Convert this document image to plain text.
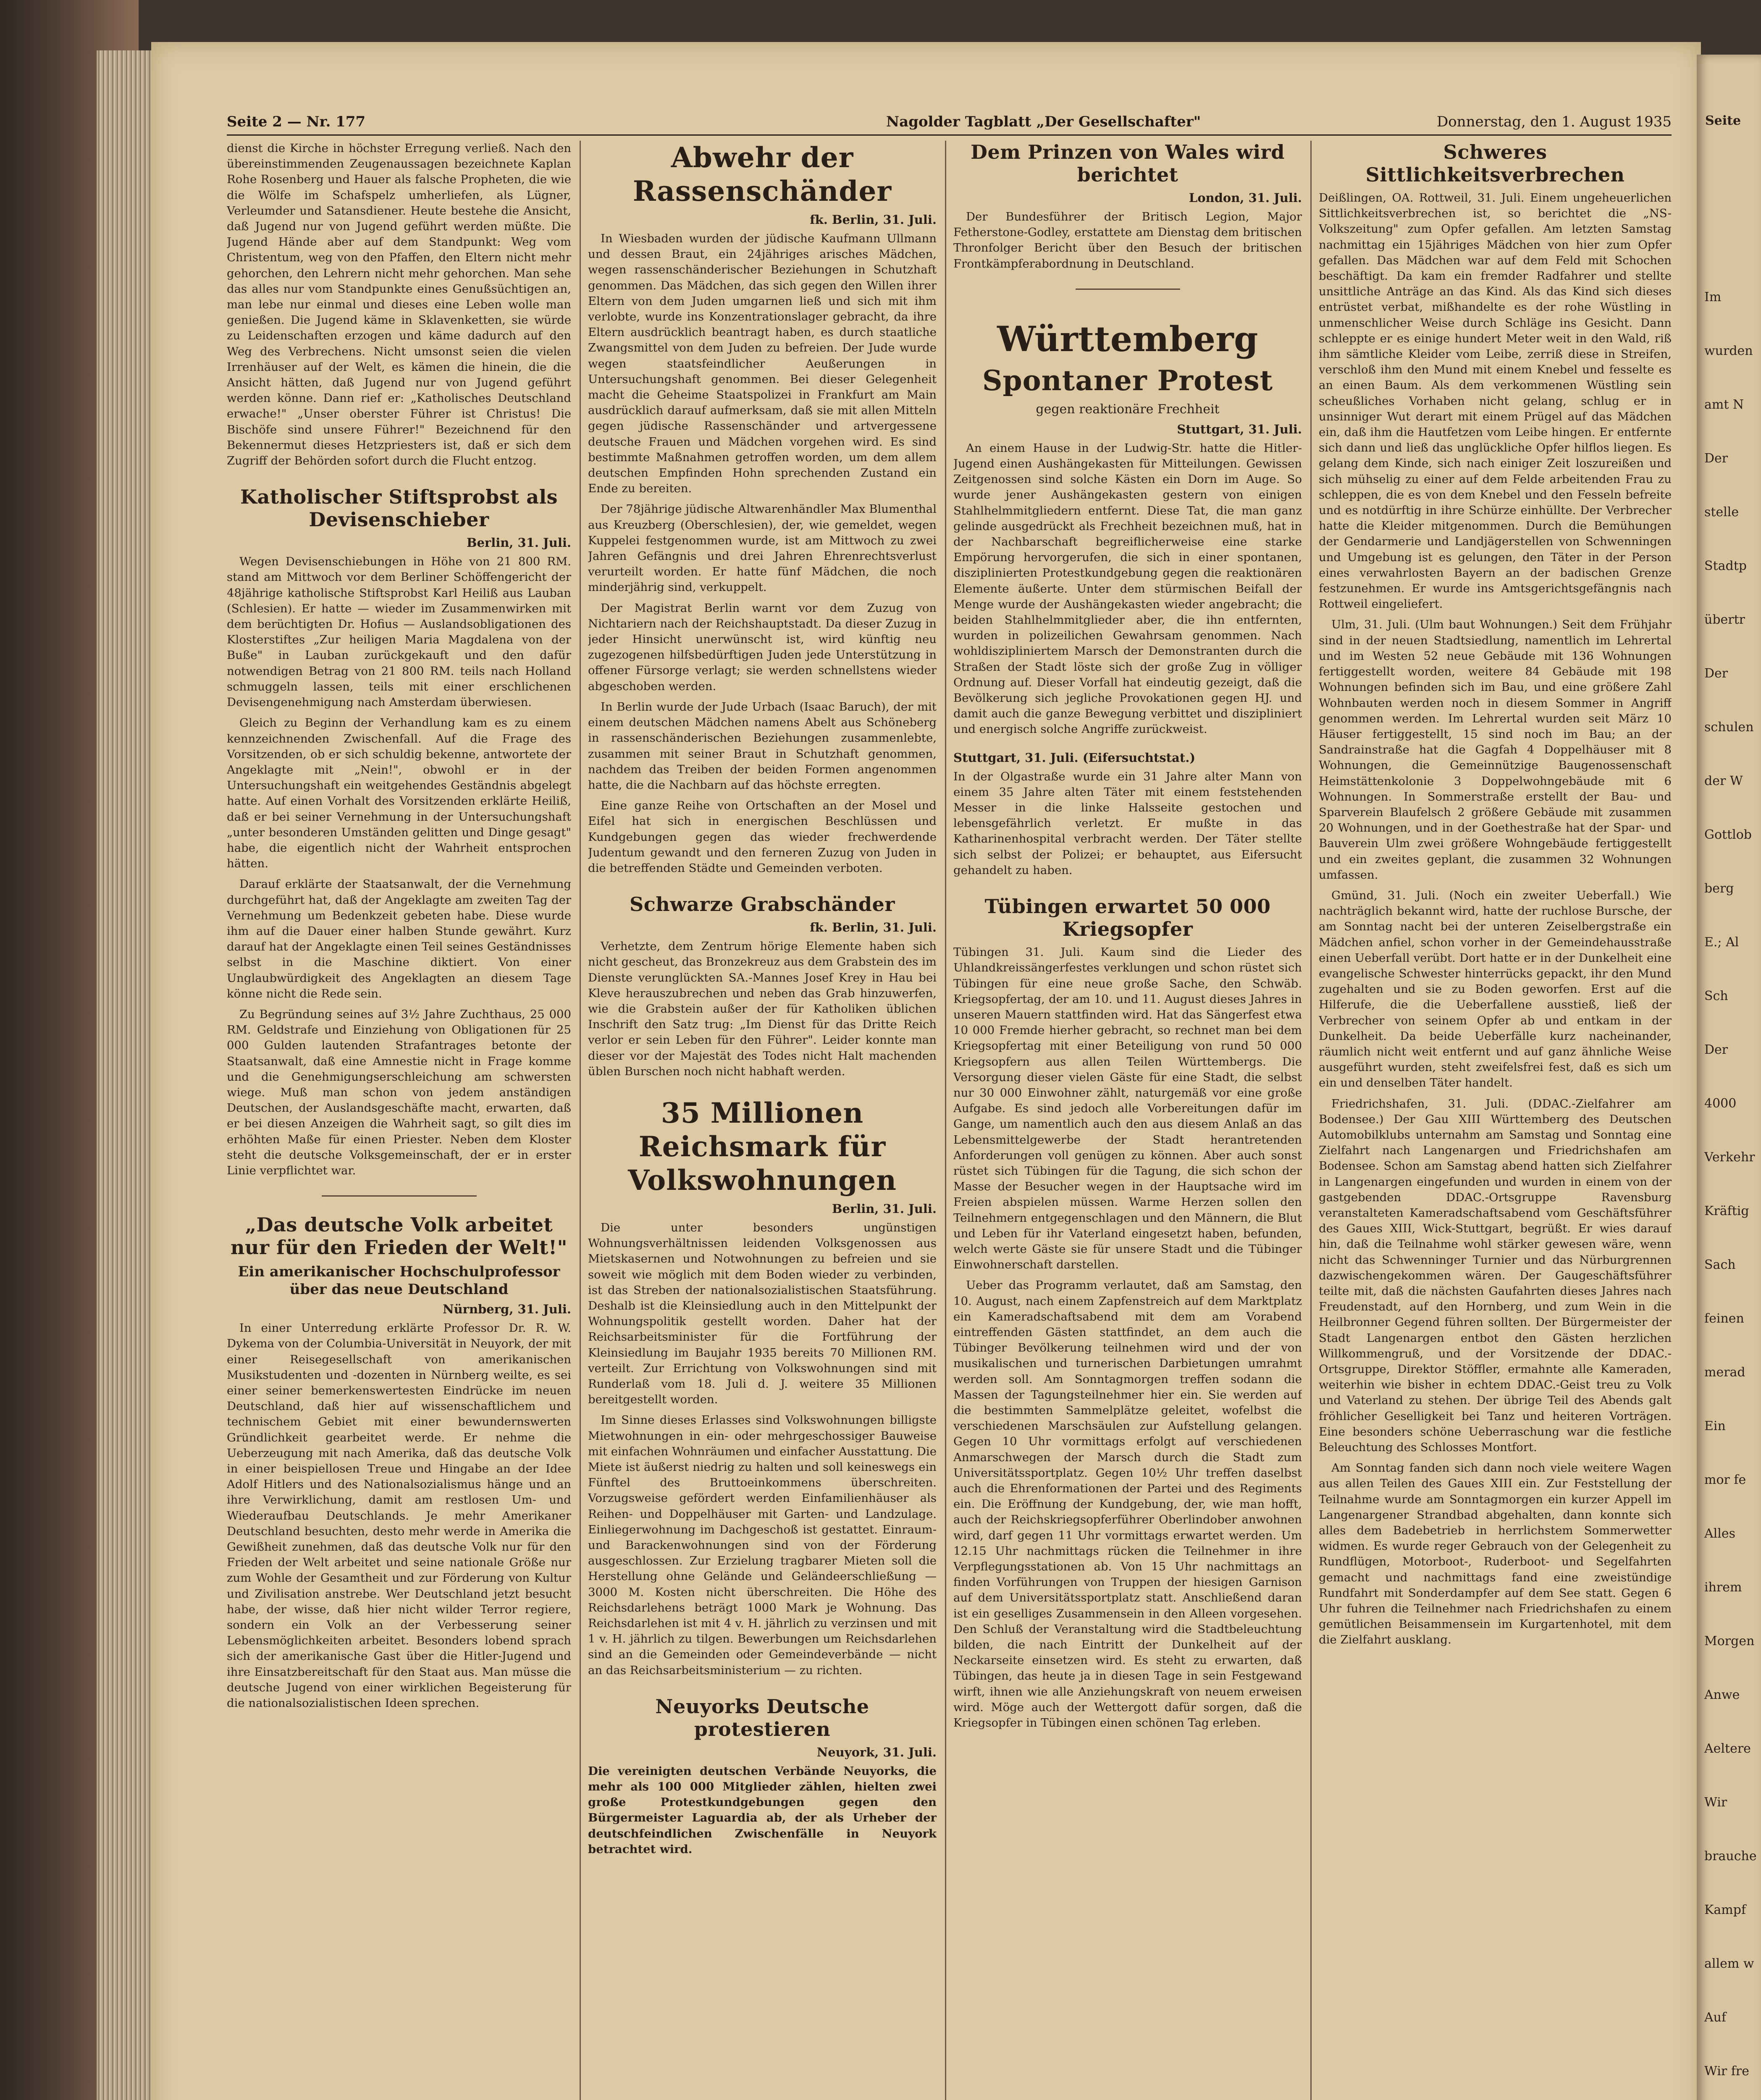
Seite 2 — Nr. 177	Nagolder Tagblatt „Der Gesellschafter"	Donnerstag, den 1. August 1935

dienst die Kirche in höchster Erregung verließ. Nach den übereinstimmenden Zeugenaussagen bezeichnete Kaplan Rohe Rosenberg und Hauer als falsche Propheten, die wie die Wölfe im Schafspelz umherliefen, als Lügner, Verleumder und Satansdiener. Heute bestehe die Ansicht, daß Jugend nur von Jugend geführt werden müßte. Die Jugend Hände aber auf dem Standpunkt: Weg vom Christentum, weg von den Pfaffen, den Eltern nicht mehr gehorchen, den Lehrern nicht mehr gehorchen. Man sehe das alles nur vom Standpunkte eines Genußsüchtigen an, man lebe nur einmal und dieses eine Leben wolle man genießen. Die Jugend käme in Sklavenketten, sie würde zu Leidenschaften erzogen und käme dadurch auf den Weg des Verbrechens. Nicht umsonst seien die vielen Irrenhäuser auf der Welt, es kämen die hinein, die die Ansicht hätten, daß Jugend nur von Jugend geführt werden könne. Dann rief er: „Katholisches Deutschland erwache!" „Unser oberster Führer ist Christus! Die Bischöfe sind unsere Führer!" Bezeichnend für den Bekennermut dieses Hetzpriesters ist, daß er sich dem Zugriff der Behörden sofort durch die Flucht entzog.

Katholischer Stiftsprobst als Devisenschieber
Berlin, 31. Juli.

Wegen Devisenschiebungen in Höhe von 21 800 RM. stand am Mittwoch vor dem Berliner Schöffengericht der 48jährige katholische Stiftsprobst Karl Heiliß aus Lauban (Schlesien). Er hatte — wieder im Zusammenwirken mit dem berüchtigten Dr. Hofius — Auslandsobligationen des Klosterstiftes „Zur heiligen Maria Magdalena von der Buße" in Lauban zurückgekauft und den dafür notwendigen Betrag von 21 800 RM. teils nach Holland schmuggeln lassen, teils mit einer erschlichenen Devisengenehmigung nach Amsterdam überwiesen.

Gleich zu Beginn der Verhandlung kam es zu einem kennzeichnenden Zwischenfall. Auf die Frage des Vorsitzenden, ob er sich schuldig bekenne, antwortete der Angeklagte mit „Nein!", obwohl er in der Untersuchungshaft ein weitgehendes Geständnis abgelegt hatte. Auf einen Vorhalt des Vorsitzenden erklärte Heiliß, daß er bei seiner Vernehmung in der Untersuchungshaft „unter besonderen Umständen gelitten und Dinge gesagt" habe, die eigentlich nicht der Wahrheit entsprochen hätten.

Darauf erklärte der Staatsanwalt, der die Vernehmung durchgeführt hat, daß der Angeklagte am zweiten Tag der Vernehmung um Bedenkzeit gebeten habe. Diese wurde ihm auf die Dauer einer halben Stunde gewährt. Kurz darauf hat der Angeklagte einen Teil seines Geständnisses selbst in die Maschine diktiert. Von einer Unglaubwürdigkeit des Angeklagten an diesem Tage könne nicht die Rede sein.

Zu Begründung seines auf 3½ Jahre Zuchthaus, 25 000 RM. Geldstrafe und Einziehung von Obligationen für 25 000 Gulden lautenden Strafantrages betonte der Staatsanwalt, daß eine Amnestie nicht in Frage komme und die Genehmigungserschleichung am schwersten wiege. Muß man schon von jedem anständigen Deutschen, der Auslandsgeschäfte macht, erwarten, daß er bei diesen Anzeigen die Wahrheit sagt, so gilt dies im erhöhten Maße für einen Priester. Neben dem Kloster steht die deutsche Volksgemeinschaft, der er in erster Linie verpflichtet war.

„Das deutsche Volk arbeitet nur für den Frieden der Welt!"
Ein amerikanischer Hochschulprofessor über das neue Deutschland
Nürnberg, 31. Juli.

In einer Unterredung erklärte Professor Dr. R. W. Dykema von der Columbia-Universität in Neuyork, der mit einer Reisegesellschaft von amerikanischen Musikstudenten und -dozenten in Nürnberg weilte, es sei einer seiner bemerkenswertesten Eindrücke im neuen Deutschland, daß hier auf wissenschaftlichem und technischem Gebiet mit einer bewundernswerten Gründlichkeit gearbeitet werde. Er nehme die Ueberzeugung mit nach Amerika, daß das deutsche Volk in einer beispiellosen Treue und Hingabe an der Idee Adolf Hitlers und des Nationalsozialismus hänge und an ihre Verwirklichung, damit am restlosen Um- und Wiederaufbau Deutschlands. Je mehr Amerikaner Deutschland besuchten, desto mehr werde in Amerika die Gewißheit zunehmen, daß das deutsche Volk nur für den Frieden der Welt arbeitet und seine nationale Größe nur zum Wohle der Gesamtheit und zur Förderung von Kultur und Zivilisation anstrebe. Wer Deutschland jetzt besucht habe, der wisse, daß hier nicht wilder Terror regiere, sondern ein Volk an der Verbesserung seiner Lebensmöglichkeiten arbeitet. Besonders lobend sprach sich der amerikanische Gast über die Hitler-Jugend und ihre Einsatzbereitschaft für den Staat aus. Man müsse die deutsche Jugend von einer wirklichen Begeisterung für die nationalsozialistischen Ideen sprechen.

Abwehr der Rassenschänder
fk. Berlin, 31. Juli.

In Wiesbaden wurden der jüdische Kaufmann Ullmann und dessen Braut, ein 24jähriges arisches Mädchen, wegen rassenschänderischer Beziehungen in Schutzhaft genommen. Das Mädchen, das sich gegen den Willen ihrer Eltern von dem Juden umgarnen ließ und sich mit ihm verlobte, wurde ins Konzentrationslager gebracht, da ihre Eltern ausdrücklich beantragt haben, es durch staatliche Zwangsmittel von dem Juden zu befreien. Der Jude wurde wegen staatsfeindlicher Aeußerungen in Untersuchungshaft genommen. Bei dieser Gelegenheit macht die Geheime Staatspolizei in Frankfurt am Main ausdrücklich darauf aufmerksam, daß sie mit allen Mitteln gegen jüdische Rassenschänder und artvergessene deutsche Frauen und Mädchen vorgehen wird. Es sind bestimmte Maßnahmen getroffen worden, um dem allem deutschen Empfinden Hohn sprechenden Zustand ein Ende zu bereiten.

Der 78jährige jüdische Altwarenhändler Max Blumenthal aus Kreuzberg (Oberschlesien), der, wie gemeldet, wegen Kuppelei festgenommen wurde, ist am Mittwoch zu zwei Jahren Gefängnis und drei Jahren Ehrenrechtsverlust verurteilt worden. Er hatte fünf Mädchen, die noch minderjährig sind, verkuppelt.

Der Magistrat Berlin warnt vor dem Zuzug von Nichtariern nach der Reichshauptstadt. Da dieser Zuzug in jeder Hinsicht unerwünscht ist, wird künftig neu zugezogenen hilfsbedürftigen Juden jede Unterstützung in offener Fürsorge verlagt; sie werden schnellstens wieder abgeschoben werden.

In Berlin wurde der Jude Urbach (Isaac Baruch), der mit einem deutschen Mädchen namens Abelt aus Schöneberg in rassenschänderischen Beziehungen zusammenlebte, zusammen mit seiner Braut in Schutzhaft genommen, nachdem das Treiben der beiden Formen angenommen hatte, die die Nachbarn auf das höchste erregten.

Eine ganze Reihe von Ortschaften an der Mosel und Eifel hat sich in energischen Beschlüssen und Kundgebungen gegen das wieder frechwerdende Judentum gewandt und den ferneren Zuzug von Juden in die betreffenden Städte und Gemeinden verboten.

Schwarze Grabschänder
fk. Berlin, 31. Juli.

Verhetzte, dem Zentrum hörige Elemente haben sich nicht gescheut, das Bronzekreuz aus dem Grabstein des im Dienste verunglückten SA.-Mannes Josef Krey in Hau bei Kleve herauszubrechen und neben das Grab hinzuwerfen, wie die Grabstein außer der für Katholiken üblichen Inschrift den Satz trug: „Im Dienst für das Dritte Reich verlor er sein Leben für den Führer". Leider konnte man dieser vor der Majestät des Todes nicht Halt machenden üblen Burschen noch nicht habhaft werden.

35 Millionen Reichsmark für Volkswohnungen
Berlin, 31. Juli.

Die unter besonders ungünstigen Wohnungsverhältnissen leidenden Volksgenossen aus Mietskasernen und Notwohnungen zu befreien und sie soweit wie möglich mit dem Boden wieder zu verbinden, ist das Streben der nationalsozialistischen Staatsführung. Deshalb ist die Kleinsiedlung auch in den Mittelpunkt der Wohnungspolitik gestellt worden. Daher hat der Reichsarbeitsminister für die Fortführung der Kleinsiedlung im Baujahr 1935 bereits 70 Millionen RM. verteilt. Zur Errichtung von Volkswohnungen sind mit Runderlaß vom 18. Juli d. J. weitere 35 Millionen bereitgestellt worden.

Im Sinne dieses Erlasses sind Volkswohnungen billigste Mietwohnungen in ein- oder mehrgeschossiger Bauweise mit einfachen Wohnräumen und einfacher Ausstattung. Die Miete ist äußerst niedrig zu halten und soll keineswegs ein Fünftel des Bruttoeinkommens überschreiten. Vorzugsweise gefördert werden Einfamilienhäuser als Reihen- und Doppelhäuser mit Garten- und Landzulage. Einliegerwohnung im Dachgeschoß ist gestattet. Einraum- und Barackenwohnungen sind von der Förderung ausgeschlossen. Zur Erzielung tragbarer Mieten soll die Herstellung ohne Gelände und Geländeerschließung — 3000 M. Kosten nicht überschreiten. Die Höhe des Reichsdarlehens beträgt 1000 Mark je Wohnung. Das Reichsdarlehen ist mit 4 v. H. jährlich zu verzinsen und mit 1 v. H. jährlich zu tilgen. Bewerbungen um Reichsdarlehen sind an die Gemeinden oder Gemeindeverbände — nicht an das Reichsarbeitsministerium — zu richten.

Neuyorks Deutsche protestieren
Neuyork, 31. Juli.

Die vereinigten deutschen Verbände Neuyorks, die mehr als 100 000 Mitglieder zählen, hielten zwei große Protestkundgebungen gegen den Bürgermeister Laguardia ab, der als Urheber der deutschfeindlichen Zwischenfälle in Neuyork betrachtet wird.

Dem Prinzen von Wales wird berichtet
London, 31. Juli.

Der Bundesführer der Britisch Legion, Major Fetherstone-Godley, erstattete am Dienstag dem britischen Thronfolger Bericht über den Besuch der britischen Frontkämpferabordnung in Deutschland.

Württemberg
Spontaner Protest
gegen reaktionäre Frechheit
Stuttgart, 31. Juli.

An einem Hause in der Ludwig-Str. hatte die Hitler-Jugend einen Aushängekasten für Mitteilungen. Gewissen Zeitgenossen sind solche Kästen ein Dorn im Auge. So wurde jener Aushängekasten gestern von einigen Stahlhelmmitgliedern entfernt. Diese Tat, die man ganz gelinde ausgedrückt als Frechheit bezeichnen muß, hat in der Nachbarschaft begreiflicherweise eine starke Empörung hervorgerufen, die sich in einer spontanen, disziplinierten Protestkundgebung gegen die reaktionären Elemente äußerte. Unter dem stürmischen Beifall der Menge wurde der Aushängekasten wieder angebracht; die beiden Stahlhelmmitglieder aber, die ihn entfernten, wurden in polizeilichen Gewahrsam genommen. Nach wohldiszipliniertem Marsch der Demonstranten durch die Straßen der Stadt löste sich der große Zug in völliger Ordnung auf. Dieser Vorfall hat eindeutig gezeigt, daß die Bevölkerung sich jegliche Provokationen gegen HJ. und damit auch die ganze Bewegung verbittet und diszipliniert und energisch solche Angriffe zurückweist.

Stuttgart, 31. Juli. (Eifersuchtstat.)

In der Olgastraße wurde ein 31 Jahre alter Mann von einem 35 Jahre alten Täter mit einem feststehenden Messer in die linke Halsseite gestochen und lebensgefährlich verletzt. Er mußte in das Katharinenhospital verbracht werden. Der Täter stellte sich selbst der Polizei; er behauptet, aus Eifersucht gehandelt zu haben.

Tübingen erwartet 50 000 Kriegsopfer

Tübingen 31. Juli. Kaum sind die Lieder des Uhlandkreissängerfestes verklungen und schon rüstet sich Tübingen für eine neue große Sache, den Schwäb. Kriegsopfertag, der am 10. und 11. August dieses Jahres in unseren Mauern stattfinden wird. Hat das Sängerfest etwa 10 000 Fremde hierher gebracht, so rechnet man bei dem Kriegsopfertag mit einer Beteiligung von rund 50 000 Kriegsopfern aus allen Teilen Württembergs. Die Versorgung dieser vielen Gäste für eine Stadt, die selbst nur 30 000 Einwohner zählt, naturgemäß vor eine große Aufgabe. Es sind jedoch alle Vorbereitungen dafür im Gange, um namentlich auch den aus diesem Anlaß an das Lebensmittelgewerbe der Stadt herantretenden Anforderungen voll genügen zu können. Aber auch sonst rüstet sich Tübingen für die Tagung, die sich schon der Masse der Besucher wegen in der Hauptsache wird im Freien abspielen müssen. Warme Herzen sollen den Teilnehmern entgegenschlagen und den Männern, die Blut und Leben für ihr Vaterland eingesetzt haben, befunden, welch werte Gäste sie für unsere Stadt und die Tübinger Einwohnerschaft darstellen.

Ueber das Programm verlautet, daß am Samstag, den 10. August, nach einem Zapfenstreich auf dem Marktplatz ein Kameradschaftsabend mit dem am Vorabend eintreffenden Gästen stattfindet, an dem auch die Tübinger Bevölkerung teilnehmen wird und der von musikalischen und turnerischen Darbietungen umrahmt werden soll. Am Sonntagmorgen treffen sodann die Massen der Tagungsteilnehmer hier ein. Sie werden auf die bestimmten Sammelplätze geleitet, wofelbst die verschiedenen Marschsäulen zur Aufstellung gelangen. Gegen 10 Uhr vormittags erfolgt auf verschiedenen Anmarschwegen der Marsch durch die Stadt zum Universitätssportplatz. Gegen 10½ Uhr treffen daselbst auch die Ehrenformationen der Partei und des Regiments ein. Die Eröffnung der Kundgebung, der, wie man hofft, auch der Reichskriegsopferführer Oberlindober anwohnen wird, darf gegen 11 Uhr vormittags erwartet werden. Um 12.15 Uhr nachmittags rücken die Teilnehmer in ihre Verpflegungsstationen ab. Von 15 Uhr nachmittags an finden Vorführungen von Truppen der hiesigen Garnison auf dem Universitätssportplatz statt. Anschließend daran ist ein geselliges Zusammensein in den Alleen vorgesehen. Den Schluß der Veranstaltung wird die Stadtbeleuchtung bilden, die nach Eintritt der Dunkelheit auf der Neckarseite einsetzen wird. Es steht zu erwarten, daß Tübingen, das heute ja in diesen Tage in sein Festgewand wirft, ihnen wie alle Anziehungskraft von neuem erweisen wird. Möge auch der Wettergott dafür sorgen, daß die Kriegsopfer in Tübingen einen schönen Tag erleben.

Schweres Sittlichkeitsverbrechen

Deißlingen, OA. Rottweil, 31. Juli. Einem ungeheuerlichen Sittlichkeitsverbrechen ist, so berichtet die „NS-Volkszeitung" zum Opfer gefallen. Am letzten Samstag nachmittag ein 15jähriges Mädchen von hier zum Opfer gefallen. Das Mädchen war auf dem Feld mit Schochen beschäftigt. Da kam ein fremder Radfahrer und stellte unsittliche Anträge an das Kind. Als das Kind sich dieses entrüstet verbat, mißhandelte es der rohe Wüstling in unmenschlicher Weise durch Schläge ins Gesicht. Dann schleppte er es einige hundert Meter weit in den Wald, riß ihm sämtliche Kleider vom Leibe, zerriß diese in Streifen, verschloß ihm den Mund mit einem Knebel und fesselte es an einen Baum. Als dem verkommenen Wüstling sein scheußliches Vorhaben nicht gelang, schlug er in unsinniger Wut derart mit einem Prügel auf das Mädchen ein, daß ihm die Hautfetzen vom Leibe hingen. Er entfernte sich dann und ließ das unglückliche Opfer hilflos liegen. Es gelang dem Kinde, sich nach einiger Zeit loszureißen und sich mühselig zu einer auf dem Felde arbeitenden Frau zu schleppen, die es von dem Knebel und den Fesseln befreite und es notdürftig in ihre Schürze einhüllte. Der Verbrecher hatte die Kleider mitgenommen. Durch die Bemühungen der Gendarmerie und Landjägerstellen von Schwenningen und Umgebung ist es gelungen, den Täter in der Person eines verwahrlosten Bayern an der badischen Grenze festzunehmen. Er wurde ins Amtsgerichtsgefängnis nach Rottweil eingeliefert.

Ulm, 31. Juli. (Ulm baut Wohnungen.) Seit dem Frühjahr sind in der neuen Stadtsiedlung, namentlich im Lehrertal und im Westen 52 neue Gebäude mit 136 Wohnungen fertiggestellt worden, weitere 84 Gebäude mit 198 Wohnungen befinden sich im Bau, und eine größere Zahl Wohnbauten werden noch in diesem Sommer in Angriff genommen werden. Im Lehrertal wurden seit März 10 Häuser fertiggestellt, 15 sind noch im Bau; an der Sandrainstraße hat die Gagfah 4 Doppelhäuser mit 8 Wohnungen, die Gemeinnützige Baugenossenschaft Heimstättenkolonie 3 Doppelwohngebäude mit 6 Wohnungen. In Sommerstraße erstellt der Bau- und Sparverein Blaufelsch 2 größere Gebäude mit zusammen 20 Wohnungen, und in der Goethestraße hat der Spar- und Bauverein Ulm zwei größere Wohngebäude fertiggestellt und ein zweites geplant, die zusammen 32 Wohnungen umfassen.

Gmünd, 31. Juli. (Noch ein zweiter Ueberfall.) Wie nachträglich bekannt wird, hatte der ruchlose Bursche, der am Sonntag nacht bei der unteren Zeiselbergstraße ein Mädchen anfiel, schon vorher in der Gemeindehausstraße einen Ueberfall verübt. Dort hatte er in der Dunkelheit eine evangelische Schwester hinterrücks gepackt, ihr den Mund zugehalten und sie zu Boden geworfen. Erst auf die Hilferufe, die die Ueberfallene ausstieß, ließ der Verbrecher von seinem Opfer ab und entkam in der Dunkelheit. Da beide Ueberfälle kurz nacheinander, räumlich nicht weit entfernt und auf ganz ähnliche Weise ausgeführt wurden, steht zweifelsfrei fest, daß es sich um ein und denselben Täter handelt.

Friedrichshafen, 31. Juli. (DDAC.-Zielfahrer am Bodensee.) Der Gau XIII Württemberg des Deutschen Automobilklubs unternahm am Samstag und Sonntag eine Zielfahrt nach Langenargen und Friedrichshafen am Bodensee. Schon am Samstag abend hatten sich Zielfahrer in Langenargen eingefunden und wurden in einem von der gastgebenden DDAC.-Ortsgruppe Ravensburg veranstalteten Kameradschaftsabend vom Geschäftsführer des Gaues XIII, Wick-Stuttgart, begrüßt. Er wies darauf hin, daß die Teilnahme wohl stärker gewesen wäre, wenn nicht das Schwenninger Turnier und das Nürburgrennen dazwischengekommen wären. Der Gaugeschäftsführer teilte mit, daß die nächsten Gaufahrten dieses Jahres nach Freudenstadt, auf den Hornberg, und zum Wein in die Heilbronner Gegend führen sollten. Der Bürgermeister der Stadt Langenargen entbot den Gästen herzlichen Willkommengruß, und der Vorsitzende der DDAC.-Ortsgruppe, Direktor Stöffler, ermahnte alle Kameraden, weiterhin wie bisher in echtem DDAC.-Geist treu zu Volk und Vaterland zu stehen. Der übrige Teil des Abends galt fröhlicher Geselligkeit bei Tanz und heiteren Vorträgen. Eine besonders schöne Ueberraschung war die festliche Beleuchtung des Schlosses Montfort.

Am Sonntag fanden sich dann noch viele weitere Wagen aus allen Teilen des Gaues XIII ein. Zur Feststellung der Teilnahme wurde am Sonntagmorgen ein kurzer Appell im Langenargener Strandbad abgehalten, dann konnte sich alles dem Badebetrieb in herrlichstem Sommerwetter widmen. Es wurde reger Gebrauch von der Gelegenheit zu Rundflügen, Motorboot-, Ruderboot- und Segelfahrten gemacht und nachmittags fand eine zweistündige Rundfahrt mit Sonderdampfer auf dem See statt. Gegen 6 Uhr fuhren die Teilnehmer nach Friedrichshafen zu einem gemütlichen Beisammensein im Kurgartenhotel, mit dem die Zielfahrt ausklang.

Seite
Im
wurden
amt N
Der
stelle
Stadtp
übertr
Der
schulen
der W
Gottlob
berg
E.; Al
Sch
Der
4000
Verkehr
Kräftig
Sach
feinen
merad
Ein
mor fe
Alles
ihrem
Morgen
Anwe
Aeltere
Wir
brauche
Kampf
allem w
Auf
Wir fre
